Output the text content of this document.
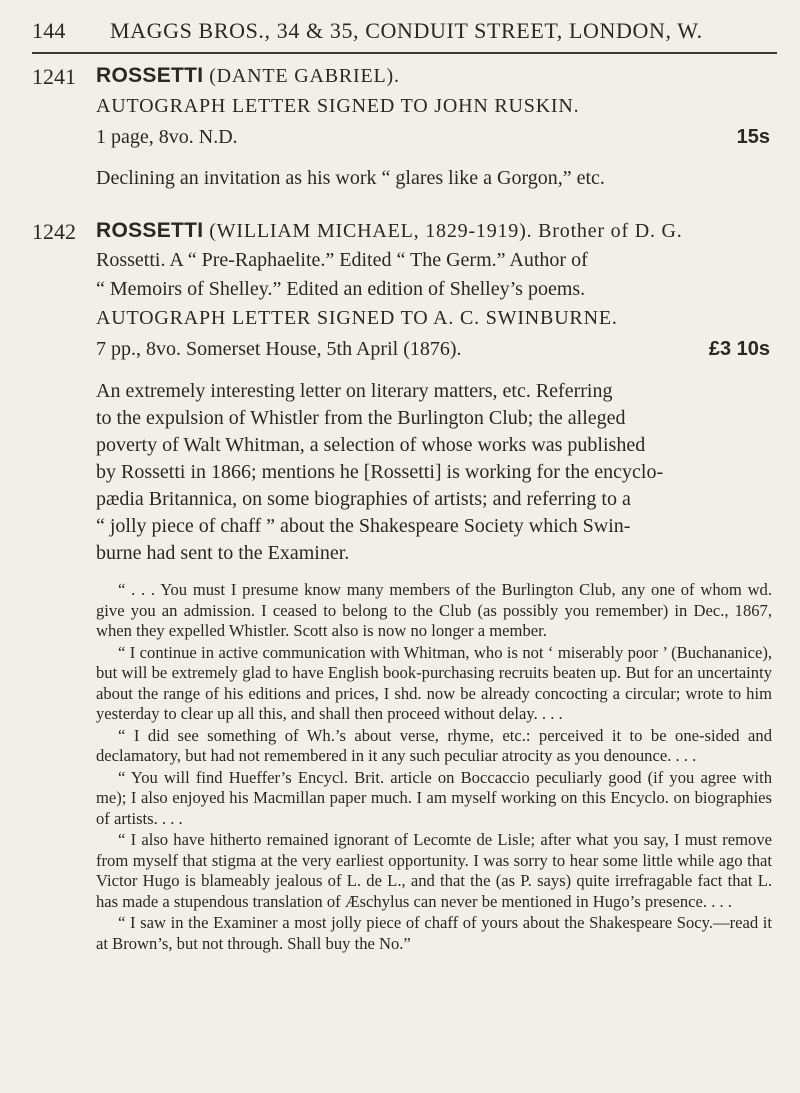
144 MAGGS BROS., 34 & 35, CONDUIT STREET, LONDON, W.
1241 ROSSETTI (DANTE GABRIEL).
AUTOGRAPH LETTER SIGNED TO JOHN RUSKIN.
1 page, 8vo. N.D.	15s
Declining an invitation as his work “ glares like a Gorgon,” etc.
1242 ROSSETTI (WILLIAM MICHAEL, 1829-1919). Brother of D. G.
Rossetti. A “ Pre-Raphaelite.” Edited “ The Germ.” Author of
“ Memoirs of Shelley.” Edited an edition of Shelley’s poems.
AUTOGRAPH LETTER SIGNED TO A. C. SWINBURNE.
7 pp., 8vo. Somerset House, 5th April (1876).	£3 10s
An extremely interesting letter on literary matters, etc. Referring
to the expulsion of Whistler from the Burlington Club; the alleged
poverty of Walt Whitman, a selection of whose works was published
by Rossetti in 1866; mentions he [Rossetti] is working for the encyclo-
pædia Britannica, on some biographies of artists; and referring to a
“ jolly piece of chaff ” about the Shakespeare Society which Swin-
burne had sent to the Examiner.

“ . . . You must I presume know many members of the Burlington Club, any one of whom wd. give you an admission. I ceased to belong to the Club (as possibly you remember) in Dec., 1867, when they expelled Whistler. Scott also is now no longer a member.

“ I continue in active communication with Whitman, who is not ‘ miserably poor ’ (Buchananice), but will be extremely glad to have English book-purchasing recruits beaten up. But for an uncertainty about the range of his editions and prices, I shd. now be already concocting a circular; wrote to him yesterday to clear up all this, and shall then proceed without delay. . . .

“ I did see something of Wh.’s about verse, rhyme, etc.: perceived it to be one-sided and declamatory, but had not remembered in it any such peculiar atrocity as you denounce. . . .

“ You will find Hueffer’s Encycl. Brit. article on Boccaccio peculiarly good (if you agree with me); I also enjoyed his Macmillan paper much. I am myself working on this Encyclo. on biographies of artists. . . .

“ I also have hitherto remained ignorant of Lecomte de Lisle; after what you say, I must remove from myself that stigma at the very earliest opportunity. I was sorry to hear some little while ago that Victor Hugo is blameably jealous of L. de L., and that the (as P. says) quite irrefragable fact that L. has made a stupendous translation of Æschylus can never be mentioned in Hugo’s presence. . . .

“ I saw in the Examiner a most jolly piece of chaff of yours about the Shakespeare Socy.—read it at Brown’s, but not through. Shall buy the No.”
